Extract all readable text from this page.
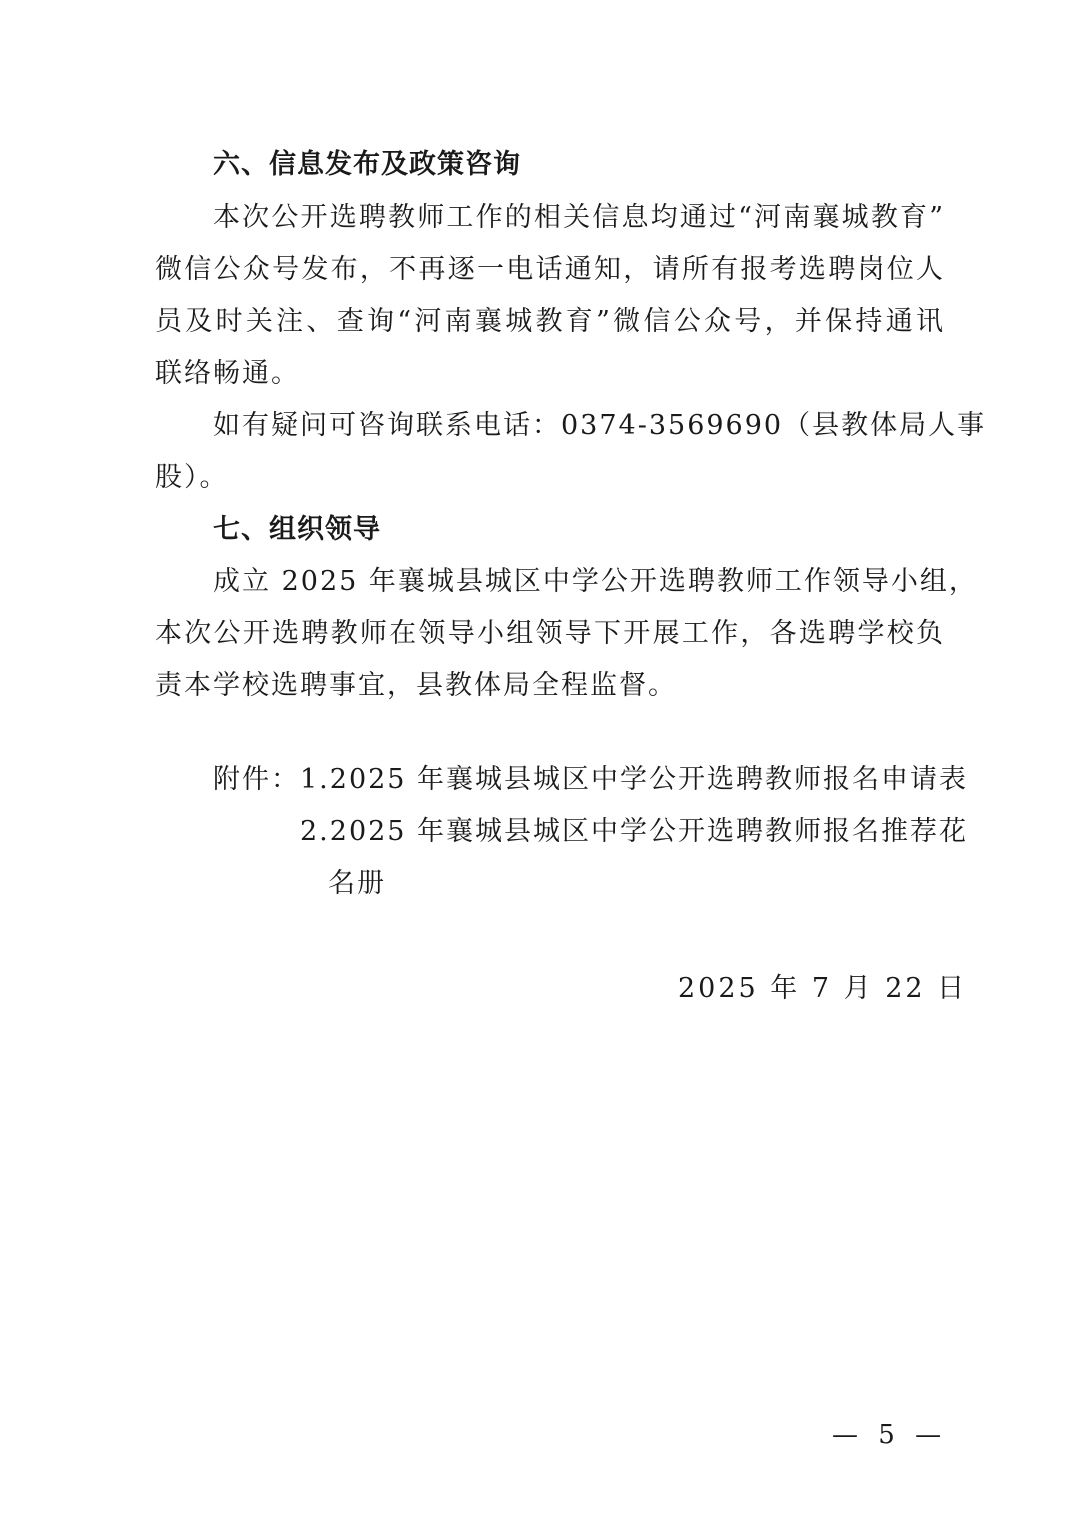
六、信息发布及政策咨询
本次公开选聘教师工作的相关信息均通过“河南襄城教育”
微信公众号发布，不再逐一电话通知，请所有报考选聘岗位人
员及时关注、查询“河南襄城教育”微信公众号，并保持通讯
联络畅通。
如有疑问可咨询联系电话：0374-3569690（县教体局人事
股）。
七、组织领导
成立 2025 年襄城县城区中学公开选聘教师工作领导小组，
本次公开选聘教师在领导小组领导下开展工作，各选聘学校负
责本学校选聘事宜，县教体局全程监督。
附件： 1.2025 年襄城县城区中学公开选聘教师报名申请表
2.2025 年襄城县城区中学公开选聘教师报名推荐花
名册
2025 年 7 月 22 日
— 5 —
